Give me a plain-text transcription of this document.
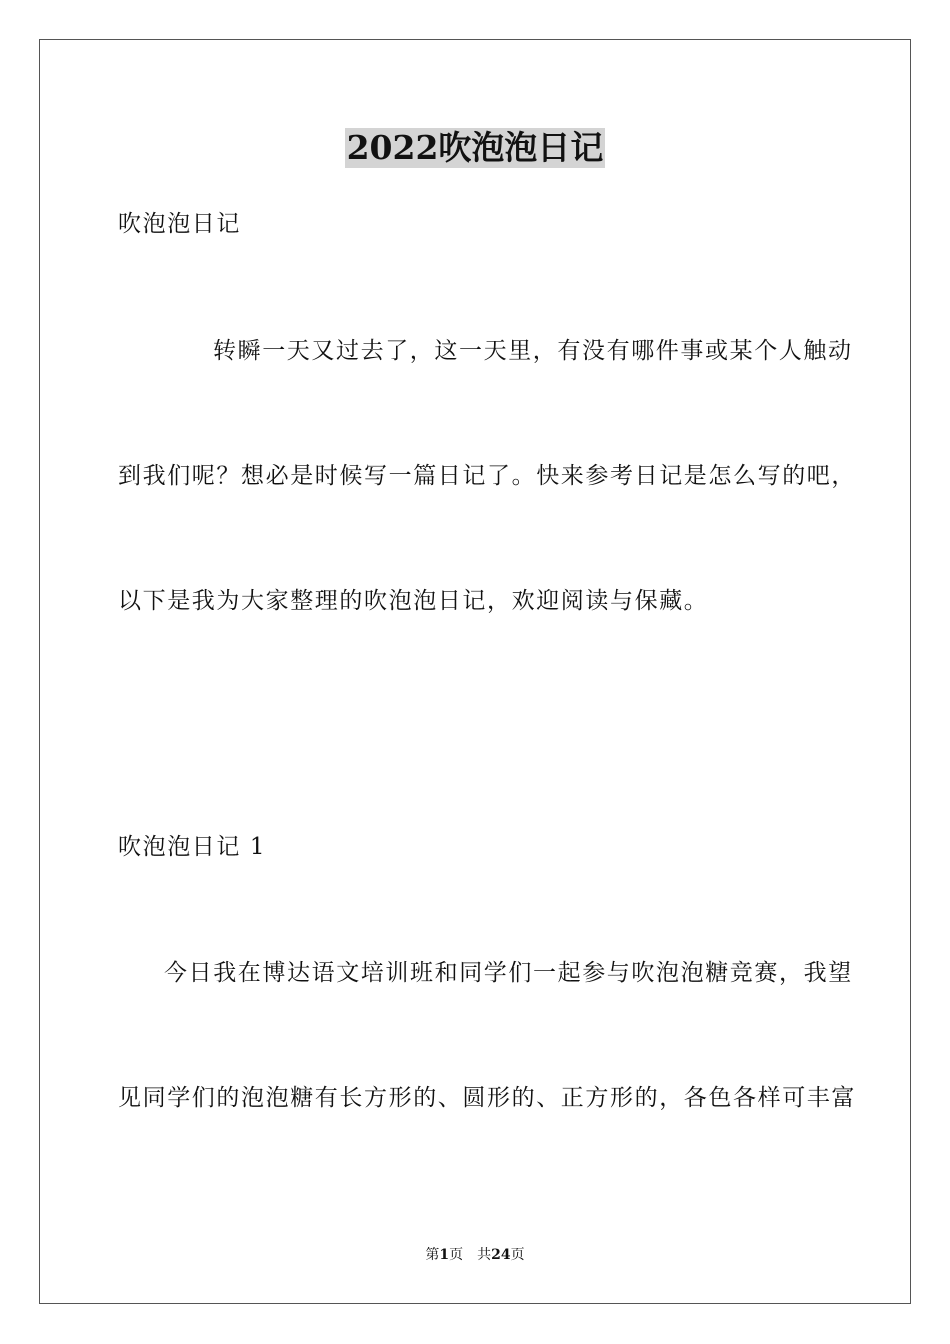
2022吹泡泡日记
吹泡泡日记
转瞬一天又过去了，这一天里，有没有哪件事或某个人触动
到我们呢？想必是时候写一篇日记了。快来参考日记是怎么写的吧，
以下是我为大家整理的吹泡泡日记，欢迎阅读与保藏。
吹泡泡日记 1
今日我在博达语文培训班和同学们一起参与吹泡泡糖竞赛，我望
见同学们的泡泡糖有长方形的、圆形的、正方形的，各色各样可丰富
第1页 共24页
